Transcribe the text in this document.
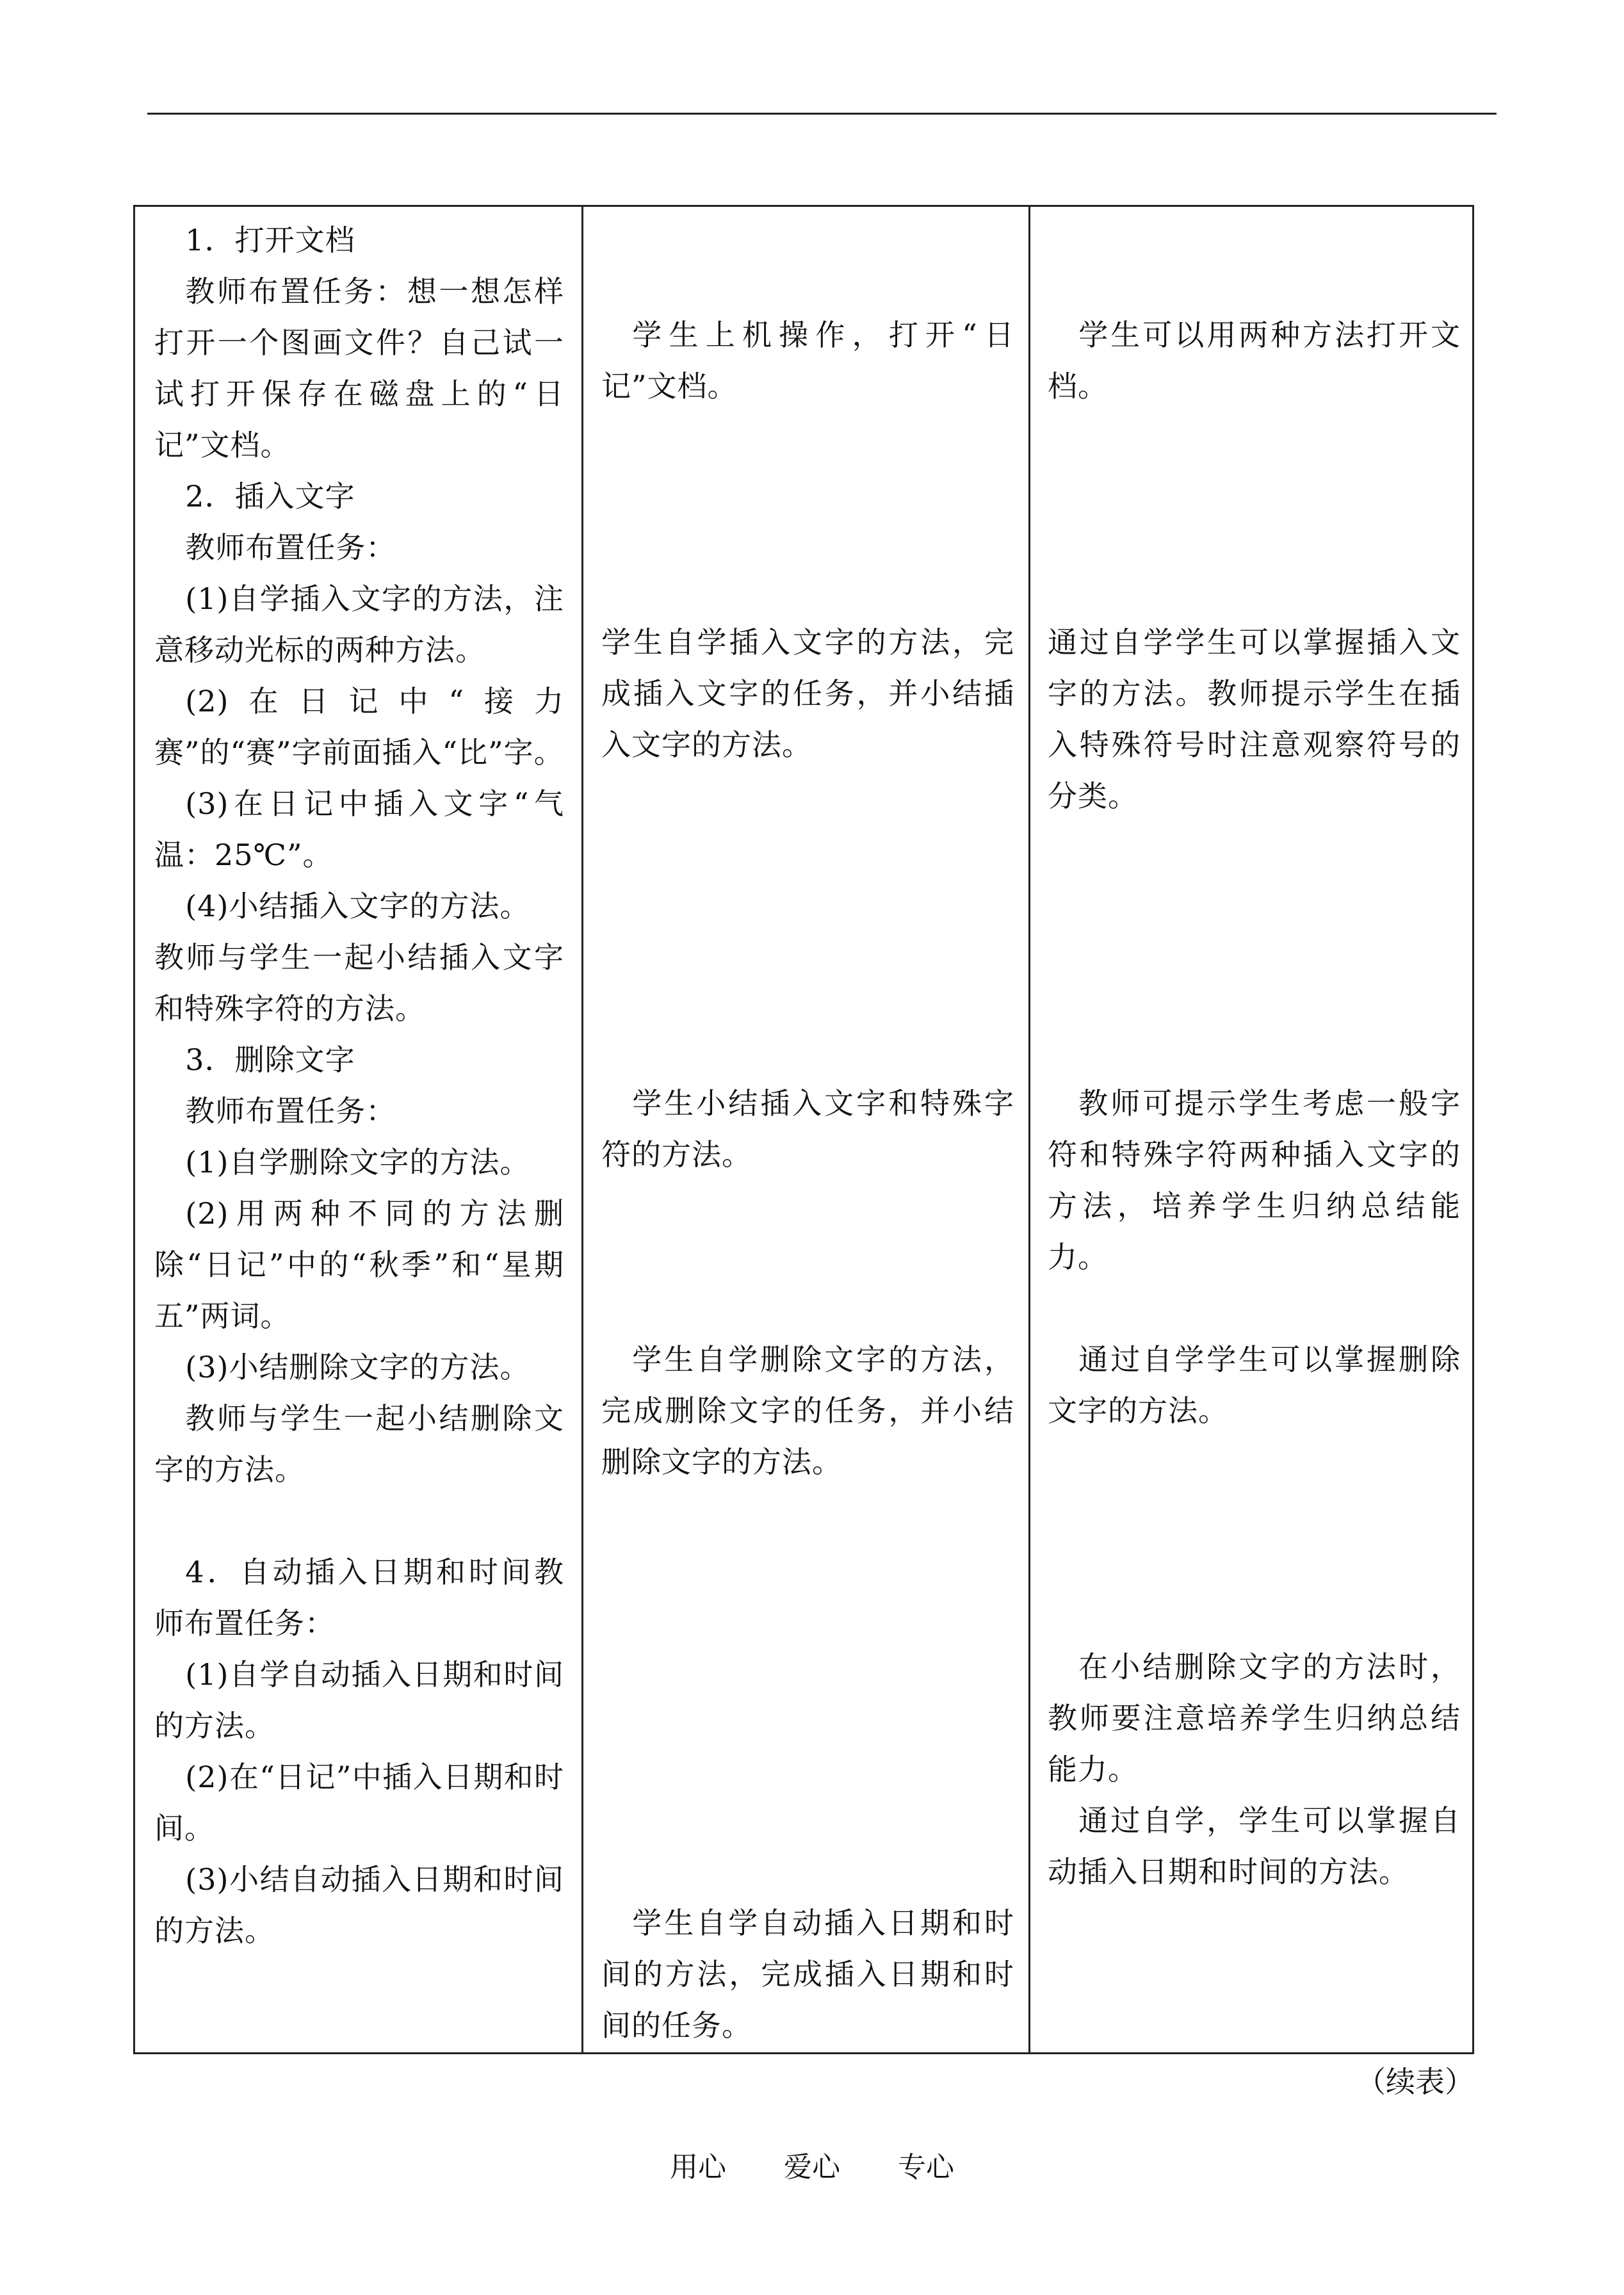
1．打开文档
教师布置任务：想一想怎样打开一个图画文件？自己试一试打开保存在磁盘上的“日记”文档。
2．插入文字
教师布置任务：
(1)自学插入文字的方法，注意移动光标的两种方法。
(2)在日记中“接力赛”的“赛”字前面插入“比”字。
(3)在日记中插入文字“气温：25℃”。
(4)小结插入文字的方法。
教师与学生一起小结插入文字和特殊字符的方法。
3．删除文字
教师布置任务：
(1)自学删除文字的方法。
(2)用两种不同的方法删除“日记”中的“秋季”和“星期五”两词。
(3)小结删除文字的方法。
教师与学生一起小结删除文字的方法。
4．自动插入日期和时间教师布置任务：
(1)自学自动插入日期和时间的方法。
(2)在“日记”中插入日期和时间。
(3)小结自动插入日期和时间的方法。
学生上机操作，打开“日记”文档。
学生自学插入文字的方法，完成插入文字的任务，并小结插入文字的方法。
学生小结插入文字和特殊字符的方法。
学生自学删除文字的方法，完成删除文字的任务，并小结删除文字的方法。
学生自学自动插入日期和时间的方法，完成插入日期和时间的任务。
学生可以用两种方法打开文档。
通过自学学生可以掌握插入文字的方法。教师提示学生在插入特殊符号时注意观察符号的分类。
教师可提示学生考虑一般字符和特殊字符两种插入文字的方法，培养学生归纳总结能力。
通过自学学生可以掌握删除文字的方法。
在小结删除文字的方法时，教师要注意培养学生归纳总结能力。
通过自学，学生可以掌握自动插入日期和时间的方法。
（续表）
用心 爱心 专心
